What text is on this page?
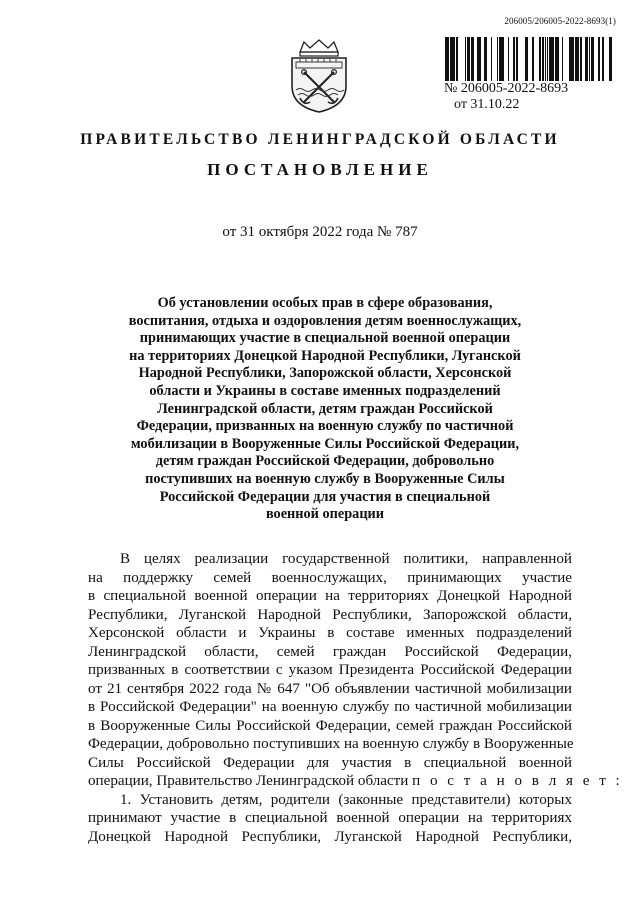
206005/206005-2022-8693(1)
№ 206005-2022-8693
от 31.10.22
ПРАВИТЕЛЬСТВО ЛЕНИНГРАДСКОЙ ОБЛАСТИ
ПОСТАНОВЛЕНИЕ
от 31 октября 2022 года № 787
Об установлении особых прав в сфере образования,
воспитания, отдыха и оздоровления детям военнослужащих,
принимающих участие в специальной военной операции
на территориях Донецкой Народной Республики, Луганской
Народной Республики, Запорожской области, Херсонской
области и Украины в составе именных подразделений
Ленинградской области, детям граждан Российской
Федерации, призванных на военную службу по частичной
мобилизации в Вооруженные Силы Российской Федерации,
детям граждан Российской Федерации, добровольно
поступивших на военную службу в Вооруженные Силы
Российской Федерации для участия в специальной
военной операции
В целях реализации государственной политики, направленной
на поддержку семей военнослужащих, принимающих участие
в специальной военной операции на территориях Донецкой Народной
Республики, Луганской Народной Республики, Запорожской области,
Херсонской области и Украины в составе именных подразделений
Ленинградской области, семей граждан Российской Федерации,
призванных в соответствии с указом Президента Российской Федерации
от 21 сентября 2022 года № 647 "Об объявлении частичной мобилизации
в Российской Федерации" на военную службу по частичной мобилизации
в Вооруженные Силы Российской Федерации, семей граждан Российской
Федерации, добровольно поступивших на военную службу в Вооруженные
Силы Российской Федерации для участия в специальной военной
операции, Правительство Ленинградской области п о с т а н о в л я е т :
1. Установить детям, родители (законные представители) которых
принимают участие в специальной военной операции на территориях
Донецкой Народной Республики, Луганской Народной Республики,
